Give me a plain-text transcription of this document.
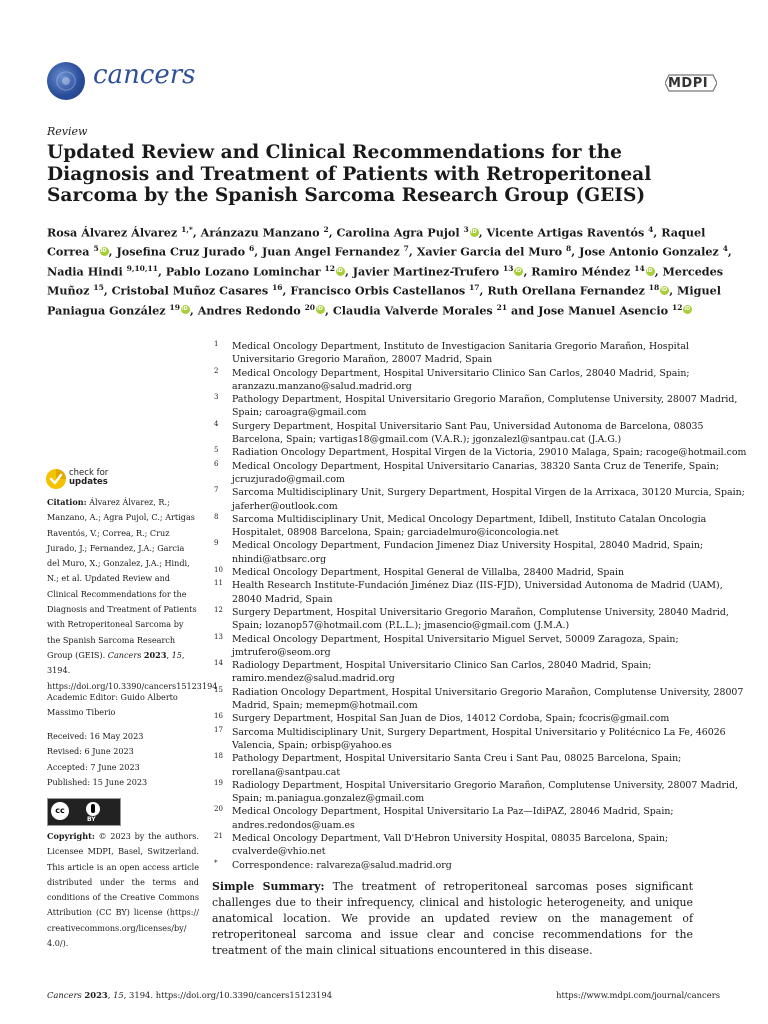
cancers	MDPI
Review
Updated Review and Clinical Recommendations for the Diagnosis and Treatment of Patients with Retroperitoneal Sarcoma by the Spanish Sarcoma Research Group (GEIS)

Rosa Álvarez Álvarez $^{1,*}$, Aránzazu Manzano $^2$, Carolina Agra Pujol $^3$ iD , Vicente Artigas Raventós $^4$, Raquel Correa $^5$ iD , Josefina Cruz Jurado $^6$, Juan Angel Fernandez $^7$, Xavier Garcia del Muro $^8$, Jose Antonio Gonzalez $^4$, Nadia Hindi $^{9,10,11}$, Pablo Lozano Lominchar $^{12}$ iD , Javier Martinez-Trufero $^{13}$ iD , Ramiro Méndez $^{14}$ iD , Mercedes Muñoz $^{15}$, Cristobal Muñoz Casares $^{16}$, Francisco Orbis Castellanos $^{17}$, Ruth Orellana Fernandez $^{18}$ iD , Miguel Paniagua González $^{19}$ iD , Andres Redondo $^{20}$ iD , Claudia Valverde Morales $^{21}$ and Jose Manuel Asencio $^{12}$iD

1 Medical Oncology Department, Instituto de Investigacion Sanitaria Gregorio Marañon, Hospital Universitario Gregorio Marañon, 28007 Madrid, Spain
2 Medical Oncology Department, Hospital Universitario Clinico San Carlos, 28040 Madrid, Spain; aranzazu.manzano@salud.madrid.org
3 Pathology Department, Hospital Universitario Gregorio Marañon, Complutense University, 28007 Madrid, Spain; caroagra@gmail.com
4 Surgery Department, Hospital Universitario Sant Pau, Universidad Autonoma de Barcelona, 08035 Barcelona, Spain; vartigas18@gmail.com (V.A.R.); jgonzalezl@santpau.cat (J.A.G.)
5 Radiation Oncology Department, Hospital Virgen de la Victoria, 29010 Malaga, Spain; racoge@hotmail.com
6 Medical Oncology Department, Hospital Universitario Canarias, 38320 Santa Cruz de Tenerife, Spain; jcruzjurado@gmail.com
7 Sarcoma Multidisciplinary Unit, Surgery Department, Hospital Virgen de la Arrixaca, 30120 Murcia, Spain; jaferher@outlook.com
8 Sarcoma Multidisciplinary Unit, Medical Oncology Department, Idibell, Instituto Catalan Oncologia Hospitalet, 08908 Barcelona, Spain; garciadelmuro@iconcologia.net
9 Medical Oncology Department, Fundacion Jimenez Diaz University Hospital, 28040 Madrid, Spain; nhindi@atbsarc.org
10 Medical Oncology Department, Hospital General de Villalba, 28400 Madrid, Spain
11 Health Research Institute-Fundación Jiménez Diaz (IIS-FJD), Universidad Autonoma de Madrid (UAM), 28040 Madrid, Spain
12 Surgery Department, Hospital Universitario Gregorio Marañon, Complutense University, 28040 Madrid, Spain; lozanop57@hotmail.com (P.L.L.); jmasencio@gmail.com (J.M.A.)
13 Medical Oncology Department, Hospital Universitario Miguel Servet, 50009 Zaragoza, Spain; jmtrufero@seom.org
14 Radiology Department, Hospital Universitario Clinico San Carlos, 28040 Madrid, Spain; ramiro.mendez@salud.madrid.org
15 Radiation Oncology Department, Hospital Universitario Gregorio Marañon, Complutense University, 28007 Madrid, Spain; memepm@hotmail.com
16 Surgery Department, Hospital San Juan de Dios, 14012 Cordoba, Spain; fcocris@gmail.com
17 Sarcoma Multidisciplinary Unit, Surgery Department, Hospital Universitario y Politécnico La Fe, 46026 Valencia, Spain; orbisp@yahoo.es
18 Pathology Department, Hospital Universitario Santa Creu i Sant Pau, 08025 Barcelona, Spain; rorellana@santpau.cat
19 Radiology Department, Hospital Universitario Gregorio Marañon, Complutense University, 28007 Madrid, Spain; m.paniagua.gonzalez@gmail.com
20 Medical Oncology Department, Hospital Universitario La Paz—IdiPAZ, 28046 Madrid, Spain; andres.redondos@uam.es
21 Medical Oncology Department, Vall D'Hebron University Hospital, 08035 Barcelona, Spain; cvalverde@vhio.net
* Correspondence: ralvareza@salud.madrid.org
check for
updates
Citation: Álvarez Álvarez, R.; Manzano, A.; Agra Pujol, C.; Artigas Raventós, V.; Correa, R.; Cruz Jurado, J.; Fernandez, J.A.; Garcia del Muro, X.; Gonzalez, J.A.; Hindi, N.; et al. Updated Review and Clinical Recommendations for the Diagnosis and Treatment of Patients with Retroperitoneal Sarcoma by the Spanish Sarcoma Research Group (GEIS). Cancers 2023, 15, 3194. https://doi.org/10.3390/cancers15123194
Academic Editor: Guido Alberto Massimo Tiberio
Received: 16 May 2023
Revised: 6 June 2023
Accepted: 7 June 2023
Published: 15 June 2023
cc
BY
Copyright: © 2023 by the authors. Licensee MDPI, Basel, Switzerland. This article is an open access article distributed under the terms and conditions of the Creative Commons Attribution (CC BY) license (https:// creativecommons.org/licenses/by/ 4.0/).

Simple Summary: The treatment of retroperitoneal sarcomas poses significant challenges due to their infrequency, clinical and histologic heterogeneity, and unique anatomical location. We provide an updated review on the management of retroperitoneal sarcoma and issue clear and concise recommendations for the treatment of the main clinical situations encountered in this disease.

Cancers 2023, 15, 3194. https://doi.org/10.3390/cancers15123194	https://www.mdpi.com/journal/cancers
